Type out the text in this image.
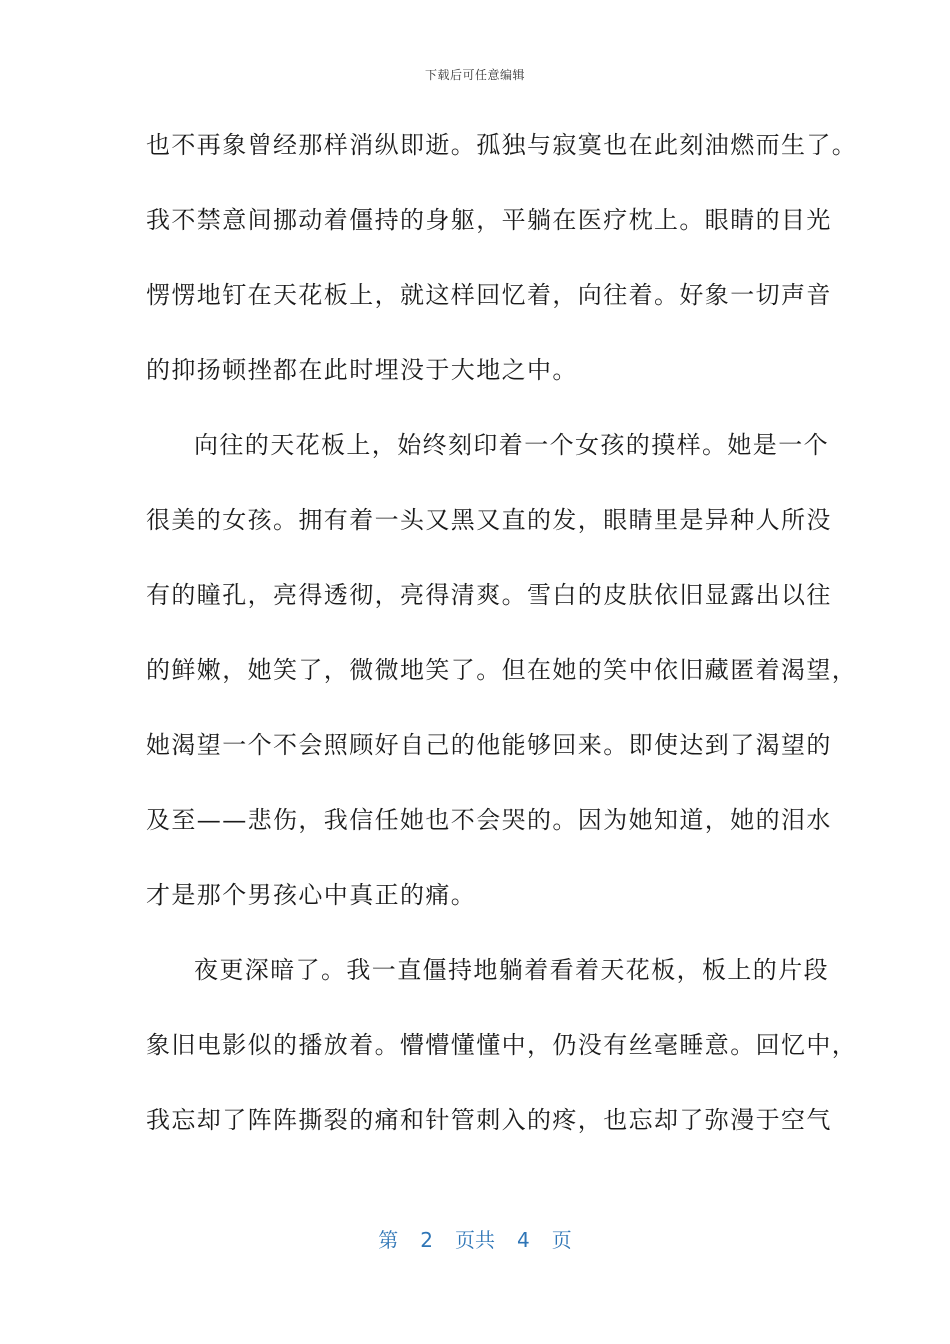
下载后可任意编辑
也不再象曾经那样消纵即逝。孤独与寂寞也在此刻油燃而生了。
我不禁意间挪动着僵持的身躯，平躺在医疗枕上。眼睛的目光
愣愣地钉在天花板上，就这样回忆着，向往着。好象一切声音
的抑扬顿挫都在此时埋没于大地之中。
向往的天花板上，始终刻印着一个女孩的摸样。她是一个
很美的女孩。拥有着一头又黑又直的发，眼睛里是异种人所没
有的瞳孔，亮得透彻，亮得清爽。雪白的皮肤依旧显露出以往
的鲜嫩，她笑了，微微地笑了。但在她的笑中依旧藏匿着渴望，
她渴望一个不会照顾好自己的他能够回来。即使达到了渴望的
及至——悲伤，我信任她也不会哭的。因为她知道，她的泪水
才是那个男孩心中真正的痛。
夜更深暗了。我一直僵持地躺着看着天花板，板上的片段
象旧电影似的播放着。懵懵懂懂中，仍没有丝毫睡意。回忆中，
我忘却了阵阵撕裂的痛和针管刺入的疼，也忘却了弥漫于空气
第 2 页共 4 页
